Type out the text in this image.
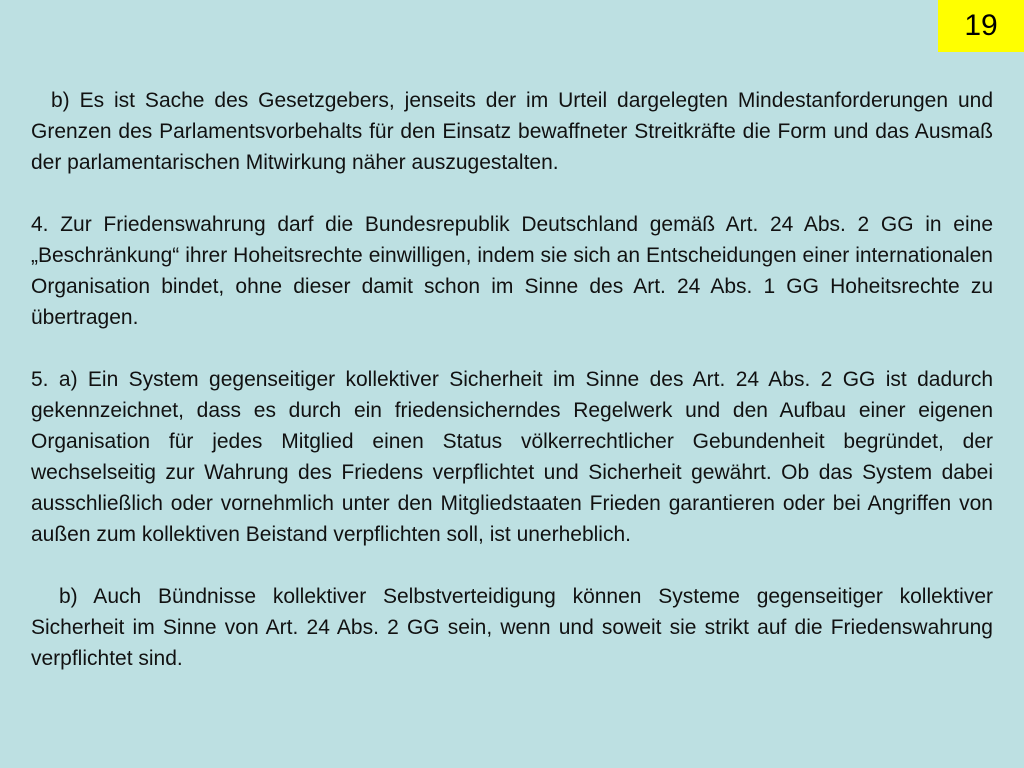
19

b) Es ist Sache des Gesetzgebers, jenseits der im Urteil dargelegten Mindestanforderungen und Grenzen des Parlamentsvorbehalts für den Einsatz bewaffneter Streitkräfte die Form und das Ausmaß der parlamentarischen Mitwirkung näher auszugestalten.

4. Zur Friedenswahrung darf die Bundesrepublik Deutschland gemäß Art. 24 Abs. 2 GG in eine „Beschränkung“ ihrer Hoheitsrechte einwilligen, indem sie sich an Entscheidungen einer internationalen Organisation bindet, ohne dieser damit schon im Sinne des Art. 24 Abs. 1 GG Hoheitsrechte zu übertragen.

5. a) Ein System gegenseitiger kollektiver Sicherheit im Sinne des Art. 24 Abs. 2 GG ist dadurch gekennzeichnet, dass es durch ein friedensicherndes Regelwerk und den Aufbau einer eigenen Organisation für jedes Mitglied einen Status völkerrechtlicher Gebundenheit begründet, der wechselseitig zur Wahrung des Friedens verpflichtet und Sicherheit gewährt. Ob das System dabei ausschließlich oder vornehmlich unter den Mitgliedstaaten Frieden garantieren oder bei Angriffen von außen zum kollektiven Beistand verpflichten soll, ist unerheblich.

b) Auch Bündnisse kollektiver Selbstverteidigung können Systeme gegenseitiger kollektiver Sicherheit im Sinne von Art. 24 Abs. 2 GG sein, wenn und soweit sie strikt auf die Friedenswahrung verpflichtet sind.
